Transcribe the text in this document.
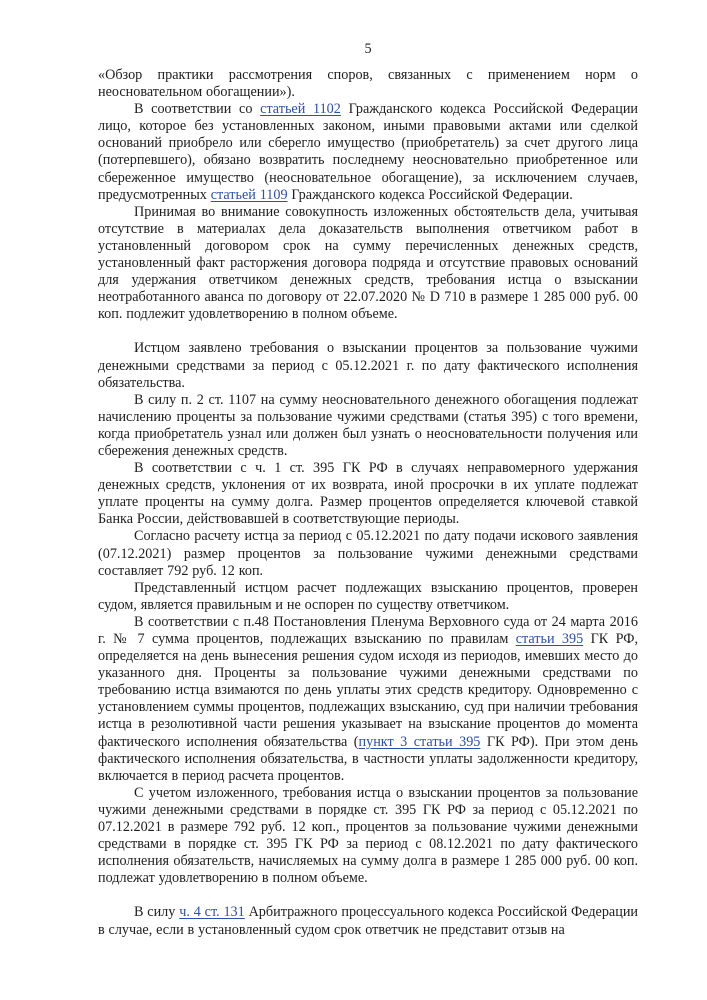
5

«Обзор практики рассмотрения споров, связанных с применением норм о неосновательном обогащении»).

В соответствии со статьей 1102 Гражданского кодекса Российской Федерации лицо, которое без установленных законом, иными правовыми актами или сделкой оснований приобрело или сберегло имущество (приобретатель) за счет другого лица (потерпевшего), обязано возвратить последнему неосновательно приобретенное или сбереженное имущество (неосновательное обогащение), за исключением случаев, предусмотренных статьей 1109 Гражданского кодекса Российской Федерации.

Принимая во внимание совокупность изложенных обстоятельств дела, учитывая отсутствие в материалах дела доказательств выполнения ответчиком работ в установленный договором срок на сумму перечисленных денежных средств, установленный факт расторжения договора подряда и отсутствие правовых оснований для удержания ответчиком денежных средств, требования истца о взыскании неотработанного аванса по договору от 22.07.2020 № D 710 в размере 1 285 000 руб. 00 коп. подлежит удовлетворению в полном объеме.

Истцом заявлено требования о взыскании процентов за пользование чужими денежными средствами за период с 05.12.2021 г. по дату фактического исполнения обязательства.

В силу п. 2 ст. 1107 на сумму неосновательного денежного обогащения подлежат начислению проценты за пользование чужими средствами (статья 395) с того времени, когда приобретатель узнал или должен был узнать о неосновательности получения или сбережения денежных средств.

В соответствии с ч. 1 ст. 395 ГК РФ в случаях неправомерного удержания денежных средств, уклонения от их возврата, иной просрочки в их уплате подлежат уплате проценты на сумму долга. Размер процентов определяется ключевой ставкой Банка России, действовавшей в соответствующие периоды.

Согласно расчету истца за период с 05.12.2021 по дату подачи искового заявления (07.12.2021) размер процентов за пользование чужими денежными средствами составляет 792 руб. 12 коп.

Представленный истцом расчет подлежащих взысканию процентов, проверен судом, является правильным и не оспорен по существу ответчиком.

В соответствии с п.48 Постановления Пленума Верховного суда от 24 марта 2016 г. № 7 сумма процентов, подлежащих взысканию по правилам статьи 395 ГК РФ, определяется на день вынесения решения судом исходя из периодов, имевших место до указанного дня. Проценты за пользование чужими денежными средствами по требованию истца взимаются по день уплаты этих средств кредитору. Одновременно с установлением суммы процентов, подлежащих взысканию, суд при наличии требования истца в резолютивной части решения указывает на взыскание процентов до момента фактического исполнения обязательства (пункт 3 статьи 395 ГК РФ). При этом день фактического исполнения обязательства, в частности уплаты задолженности кредитору, включается в период расчета процентов.

С учетом изложенного, требования истца о взыскании процентов за пользование чужими денежными средствами в порядке ст. 395 ГК РФ за период с 05.12.2021 по 07.12.2021 в размере 792 руб. 12 коп., процентов за пользование чужими денежными средствами в порядке ст. 395 ГК РФ за период с 08.12.2021 по дату фактического исполнения обязательств, начисляемых на сумму долга в размере 1 285 000 руб. 00 коп. подлежат удовлетворению в полном объеме.

В силу ч. 4 ст. 131 Арбитражного процессуального кодекса Российской Федерации в случае, если в установленный судом срок ответчик не представит отзыв на
